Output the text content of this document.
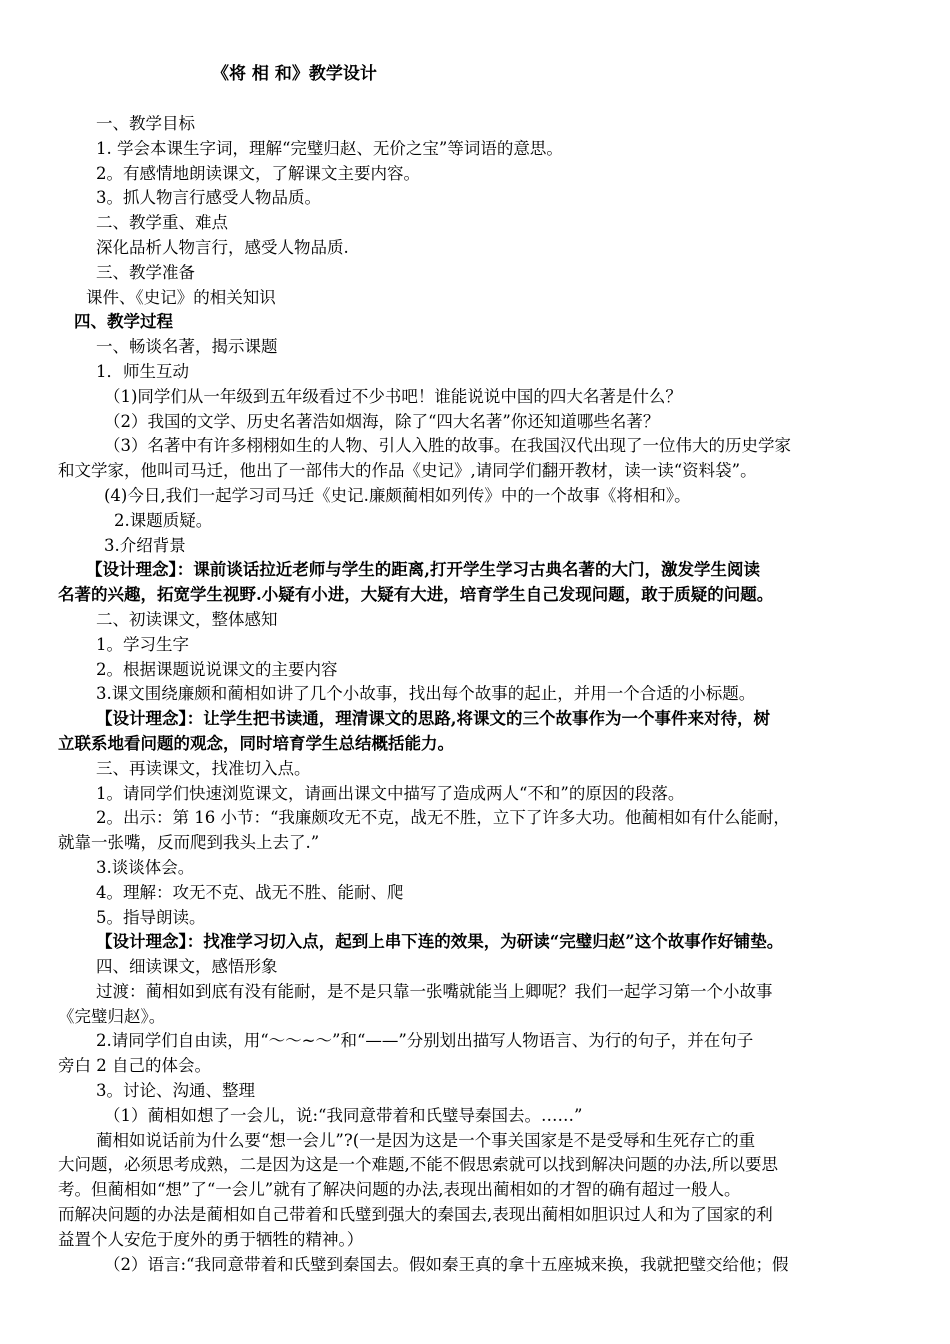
《将 相 和》教学设计
一、教学目标
1. 学会本课生字词，理解“完璧归赵、无价之宝”等词语的意思。
2。有感情地朗读课文，了解课文主要内容。
3。抓人物言行感受人物品质。
二、教学重、难点
深化品析人物言行，感受人物品质.
三、教学准备
课件、《史记》的相关知识
四、教学过程
一、畅谈名著，揭示课题
1．师生互动
（1)同学们从一年级到五年级看过不少书吧！谁能说说中国的四大名著是什么？
（2）我国的文学、历史名著浩如烟海，除了“四大名著”你还知道哪些名著？
（3）名著中有许多栩栩如生的人物、引人入胜的故事。在我国汉代出现了一位伟大的历史学家
和文学家，他叫司马迁，他出了一部伟大的作品《史记》,请同学们翻开教材，读一读“资料袋”。
(4)今日,我们一起学习司马迁《史记.廉颇蔺相如列传》中的一个故事《将相和》。
2.课题质疑。
3.介绍背景
【设计理念】：课前谈话拉近老师与学生的距离,打开学生学习古典名著的大门，激发学生阅读
名著的兴趣，拓宽学生视野.小疑有小进，大疑有大进，培育学生自己发现问题，敢于质疑的问题。
二、初读课文，整体感知
1。学习生字
2。根据课题说说课文的主要内容
3.课文围绕廉颇和蔺相如讲了几个小故事，找出每个故事的起止，并用一个合适的小标题。
【设计理念】：让学生把书读通，理清课文的思路,将课文的三个故事作为一个事件来对待，树
立联系地看问题的观念，同时培育学生总结概括能力。
三、再读课文，找准切入点。
1。请同学们快速浏览课文，请画出课文中描写了造成两人“不和”的原因的段落。
2。出示：第 16 小节：“我廉颇攻无不克，战无不胜，立下了许多大功。他蔺相如有什么能耐，
就靠一张嘴，反而爬到我头上去了.”
3.谈谈体会。
4。理解：攻无不克、战无不胜、能耐、爬
5。指导朗读。
【设计理念】：找准学习切入点，起到上串下连的效果，为研读“完璧归赵”这个故事作好铺垫。
四、细读课文，感悟形象
过渡：蔺相如到底有没有能耐，是不是只靠一张嘴就能当上卿呢？我们一起学习第一个小故事
《完璧归赵》。
2.请同学们自由读，用“～～~～”和“——”分别划出描写人物语言、为行的句子，并在句子
旁白 2 自己的体会。
3。讨论、沟通、整理
（1）蔺相如想了一会儿，说:“我同意带着和氏璧导秦国去。……”
蔺相如说话前为什么要“想一会儿”?(一是因为这是一个事关国家是不是受辱和生死存亡的重
大问题，必须思考成熟，二是因为这是一个难题,不能不假思索就可以找到解决问题的办法,所以要思
考。但蔺相如“想”了“一会儿”就有了解决问题的办法,表现出蔺相如的才智的确有超过一般人。
而解决问题的办法是蔺相如自己带着和氏璧到强大的秦国去,表现出蔺相如胆识过人和为了国家的利
益置个人安危于度外的勇于牺牲的精神。）
（2）语言:“我同意带着和氏璧到秦国去。假如秦王真的拿十五座城来换，我就把璧交给他；假
